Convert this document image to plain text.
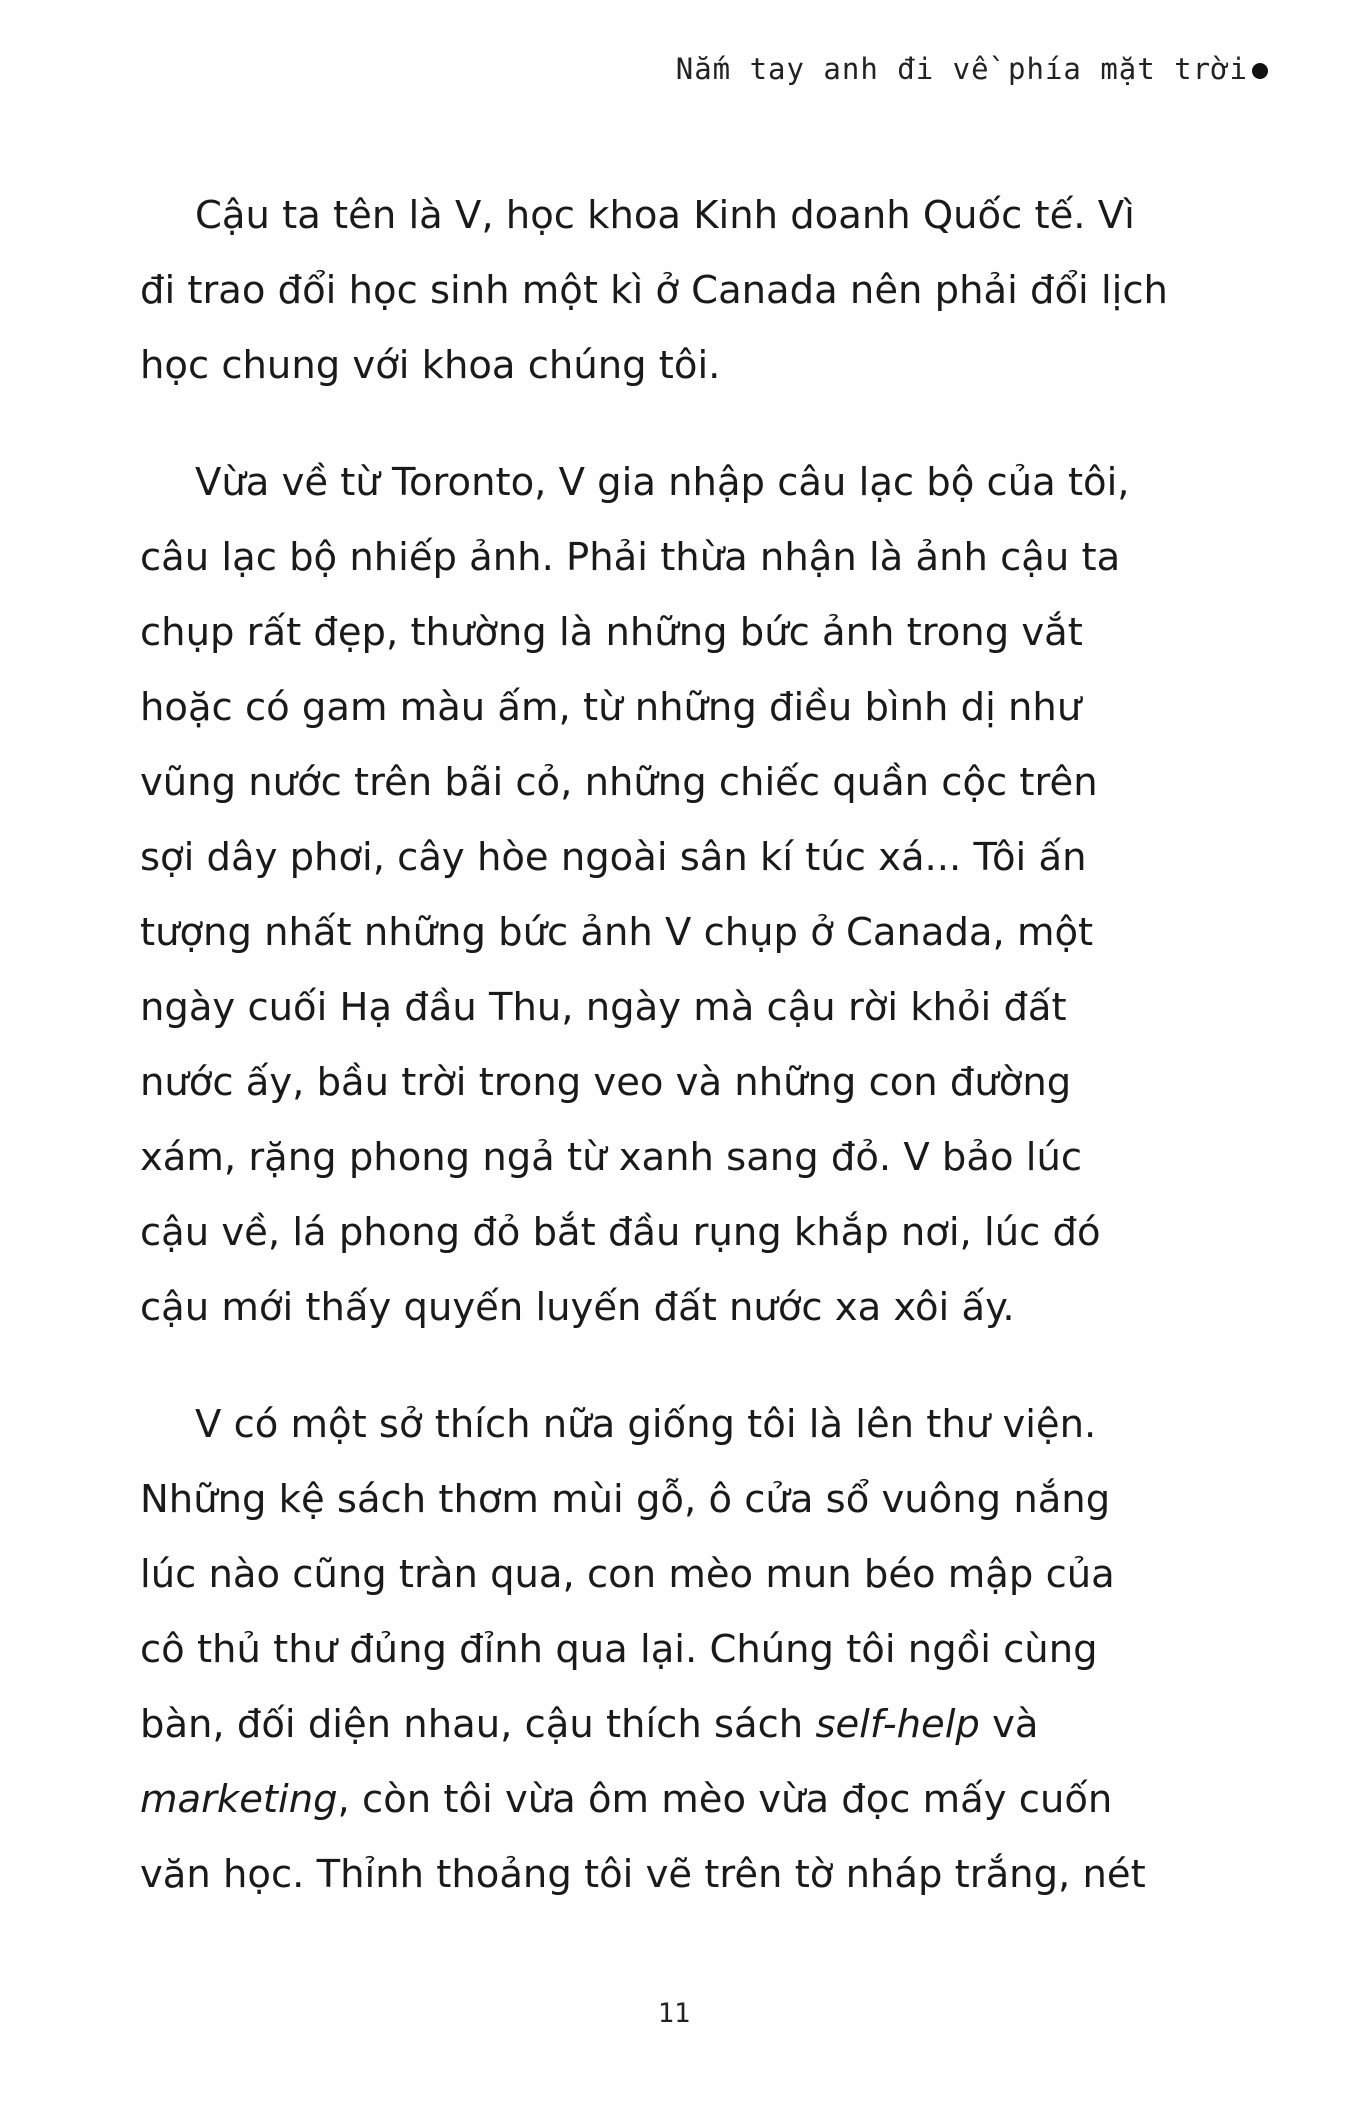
Nắm tay anh đi về phía mặt trời
Cậu ta tên là V, học khoa Kinh doanh Quốc tế. Vì
đi trao đổi học sinh một kì ở Canada nên phải đổi lịch
học chung với khoa chúng tôi.
Vừa về từ Toronto, V gia nhập câu lạc bộ của tôi,
câu lạc bộ nhiếp ảnh. Phải thừa nhận là ảnh cậu ta
chụp rất đẹp, thường là những bức ảnh trong vắt
hoặc có gam màu ấm, từ những điều bình dị như
vũng nước trên bãi cỏ, những chiếc quần cộc trên
sợi dây phơi, cây hòe ngoài sân kí túc xá... Tôi ấn
tượng nhất những bức ảnh V chụp ở Canada, một
ngày cuối Hạ đầu Thu, ngày mà cậu rời khỏi đất
nước ấy, bầu trời trong veo và những con đường
xám, rặng phong ngả từ xanh sang đỏ. V bảo lúc
cậu về, lá phong đỏ bắt đầu rụng khắp nơi, lúc đó
cậu mới thấy quyến luyến đất nước xa xôi ấy.
V có một sở thích nữa giống tôi là lên thư viện.
Những kệ sách thơm mùi gỗ, ô cửa sổ vuông nắng
lúc nào cũng tràn qua, con mèo mun béo mập của
cô thủ thư đủng đỉnh qua lại. Chúng tôi ngồi cùng
bàn, đối diện nhau, cậu thích sách self-help và
marketing, còn tôi vừa ôm mèo vừa đọc mấy cuốn
văn học. Thỉnh thoảng tôi vẽ trên tờ nháp trắng, nét
11
